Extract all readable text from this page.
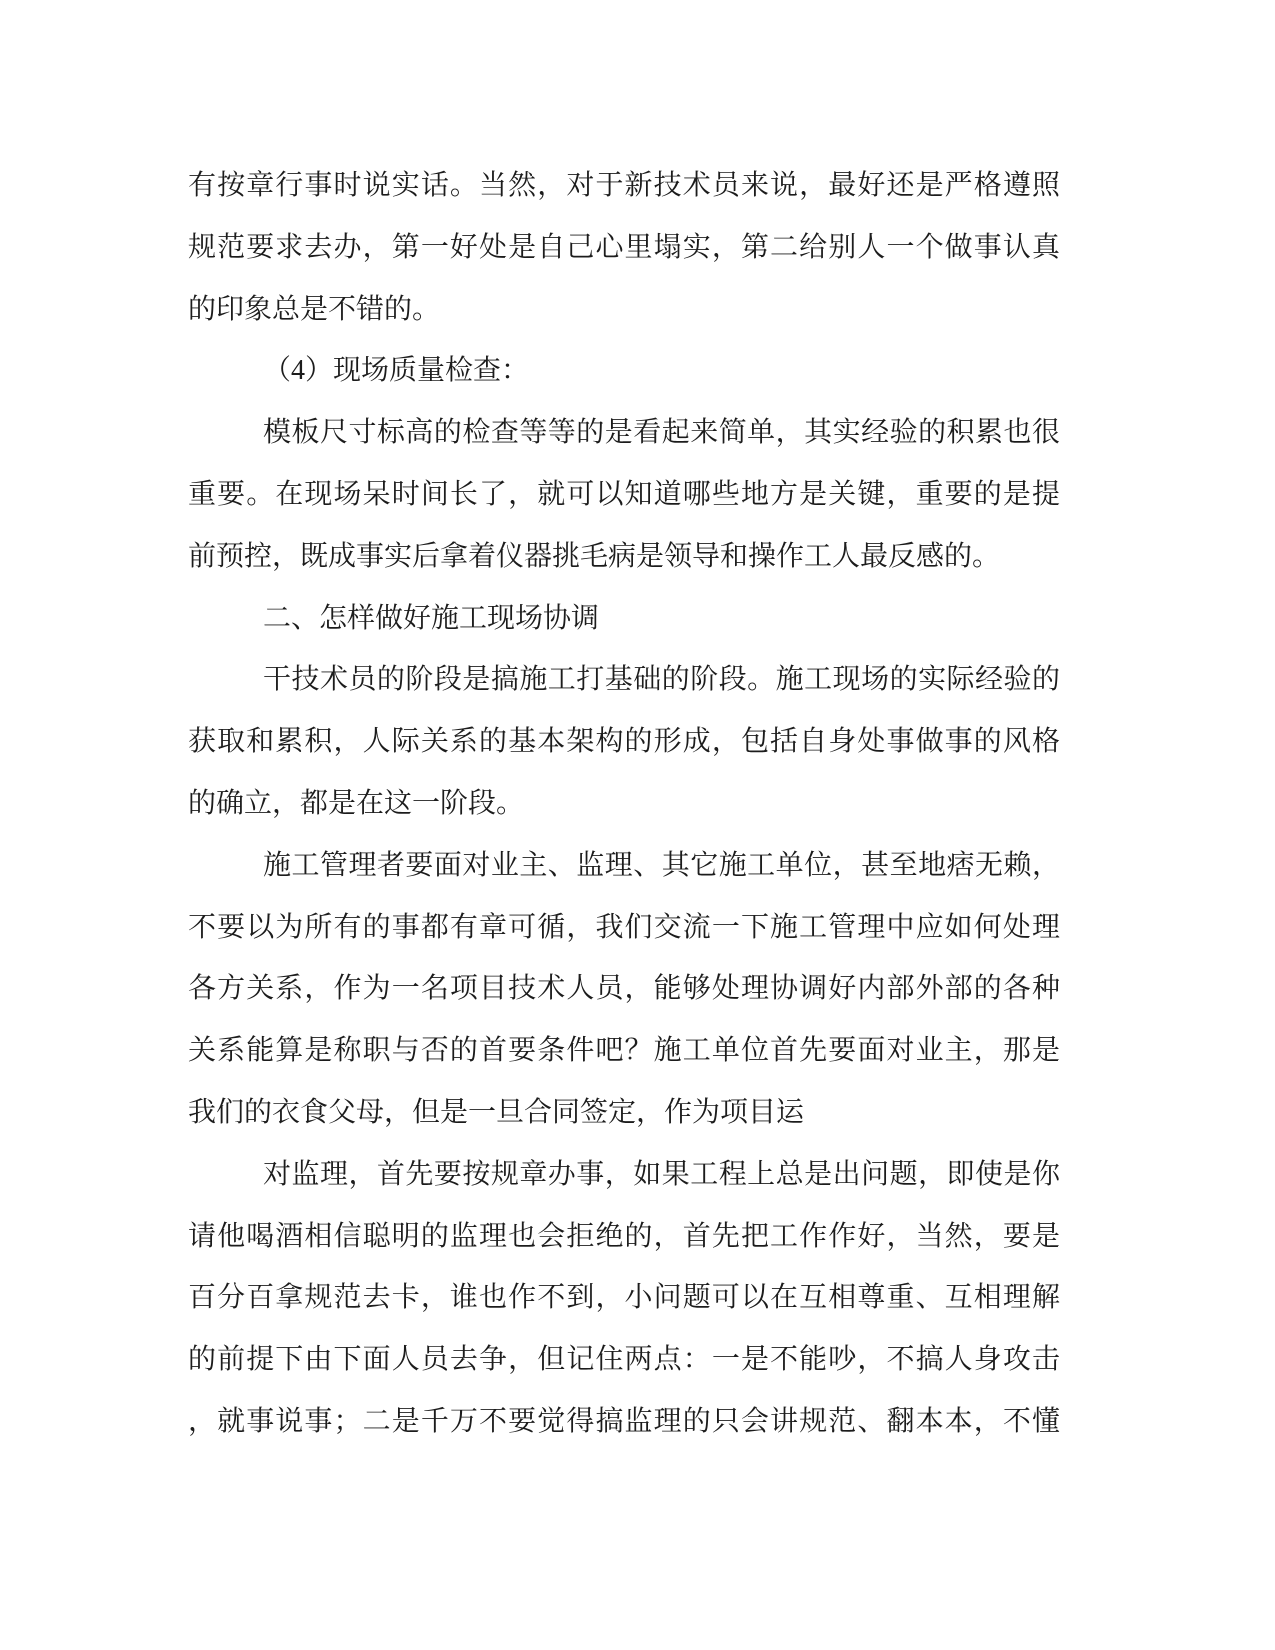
有按章行事时说实话。当然，对于新技术员来说，最好还是严格遵照
规范要求去办，第一好处是自己心里塌实，第二给别人一个做事认真
的印象总是不错的。
（4）现场质量检查：
模板尺寸标高的检查等等的是看起来简单，其实经验的积累也很
重要。在现场呆时间长了，就可以知道哪些地方是关键，重要的是提
前预控，既成事实后拿着仪器挑毛病是领导和操作工人最反感的。
二、怎样做好施工现场协调
干技术员的阶段是搞施工打基础的阶段。施工现场的实际经验的
获取和累积，人际关系的基本架构的形成，包括自身处事做事的风格
的确立，都是在这一阶段。
施工管理者要面对业主、监理、其它施工单位，甚至地痞无赖，
不要以为所有的事都有章可循，我们交流一下施工管理中应如何处理
各方关系，作为一名项目技术人员，能够处理协调好内部外部的各种
关系能算是称职与否的首要条件吧？施工单位首先要面对业主，那是
我们的衣食父母，但是一旦合同签定，作为项目运
对监理，首先要按规章办事，如果工程上总是出问题，即使是你
请他喝酒相信聪明的监理也会拒绝的，首先把工作作好，当然，要是
百分百拿规范去卡，谁也作不到，小问题可以在互相尊重、互相理解
的前提下由下面人员去争，但记住两点：一是不能吵，不搞人身攻击
，就事说事；二是千万不要觉得搞监理的只会讲规范、翻本本，不懂
